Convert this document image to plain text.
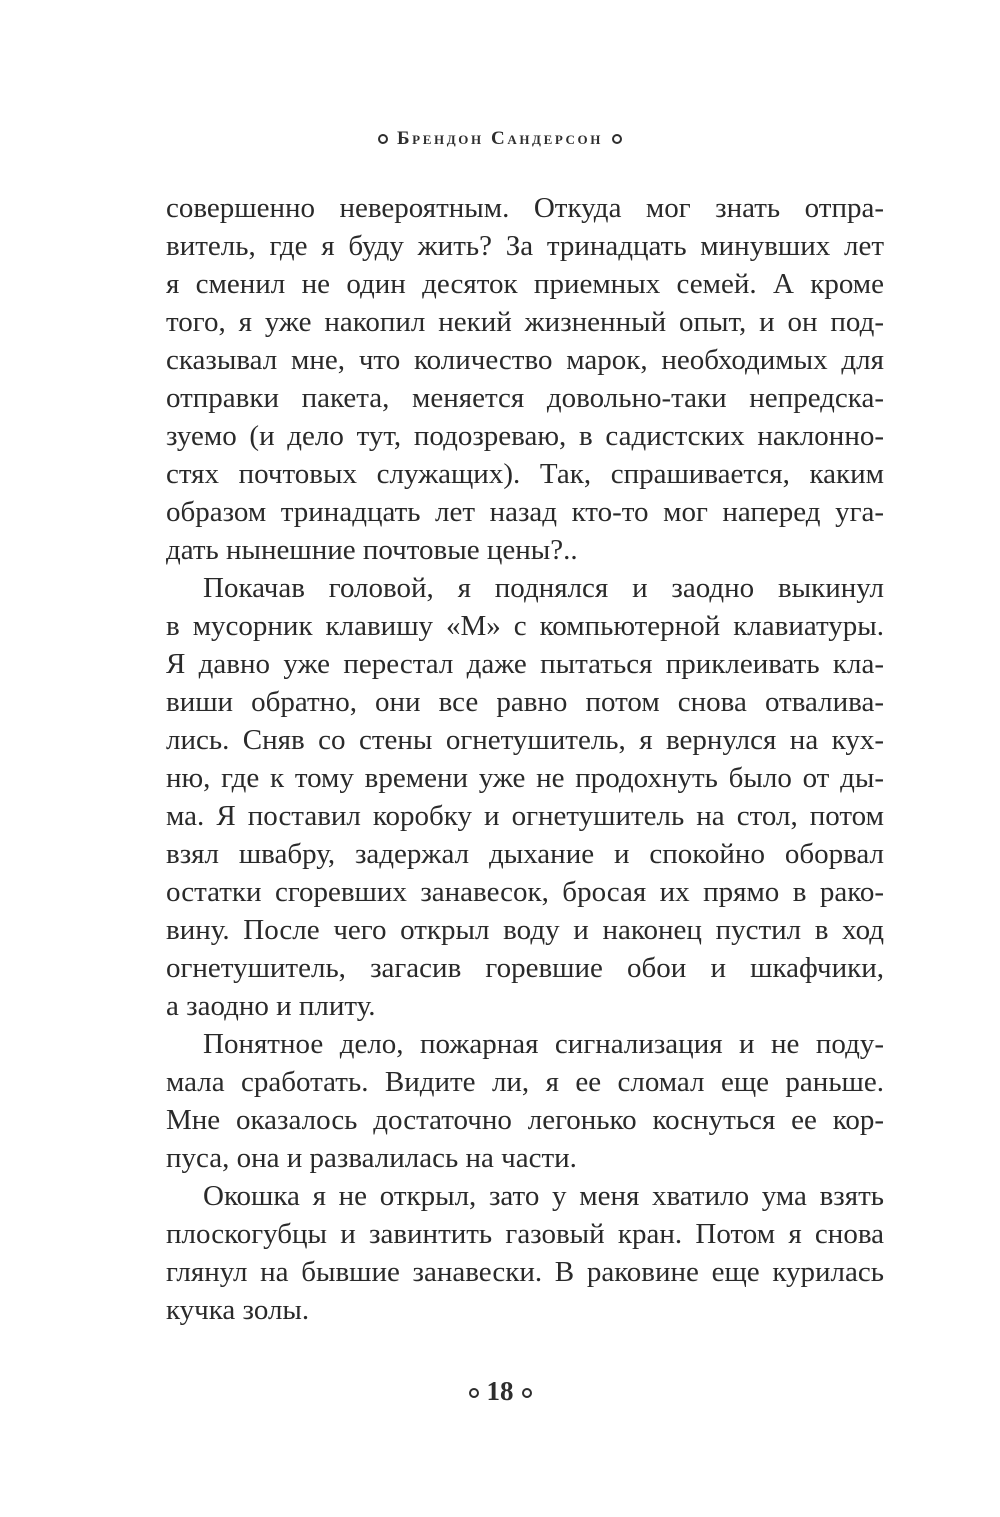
Брендон Сандерсон
совершенно невероятным. Откуда мог знать отпра-
витель, где я буду жить? За тринадцать минувших лет
я сменил не один десяток приемных семей. А кроме
того, я уже накопил некий жизненный опыт, и он под-
сказывал мне, что количество марок, необходимых для
отправки пакета, меняется довольно-таки непредска-
зуемо (и дело тут, подозреваю, в садистских наклонно-
стях почтовых служащих). Так, спрашивается, каким
образом тринадцать лет назад кто-то мог наперед уга-
дать нынешние почтовые цены?..
Покачав головой, я поднялся и заодно выкинул
в мусорник клавишу «М» с компьютерной клавиатуры.
Я давно уже перестал даже пытаться приклеивать кла-
виши обратно, они все равно потом снова отвалива-
лись. Сняв со стены огнетушитель, я вернулся на кух-
ню, где к тому времени уже не продохнуть было от ды-
ма. Я поставил коробку и огнетушитель на стол, потом
взял швабру, задержал дыхание и спокойно оборвал
остатки сгоревших занавесок, бросая их прямо в рако-
вину. После чего открыл воду и наконец пустил в ход
огнетушитель, загасив горевшие обои и шкафчики,
а заодно и плиту.
Понятное дело, пожарная сигнализация и не поду-
мала сработать. Видите ли, я ее сломал еще раньше.
Мне оказалось достаточно легонько коснуться ее кор-
пуса, она и развалилась на части.
Окошка я не открыл, зато у меня хватило ума взять
плоскогубцы и завинтить газовый кран. Потом я снова
глянул на бывшие занавески. В раковине еще курилась
кучка золы.
18
